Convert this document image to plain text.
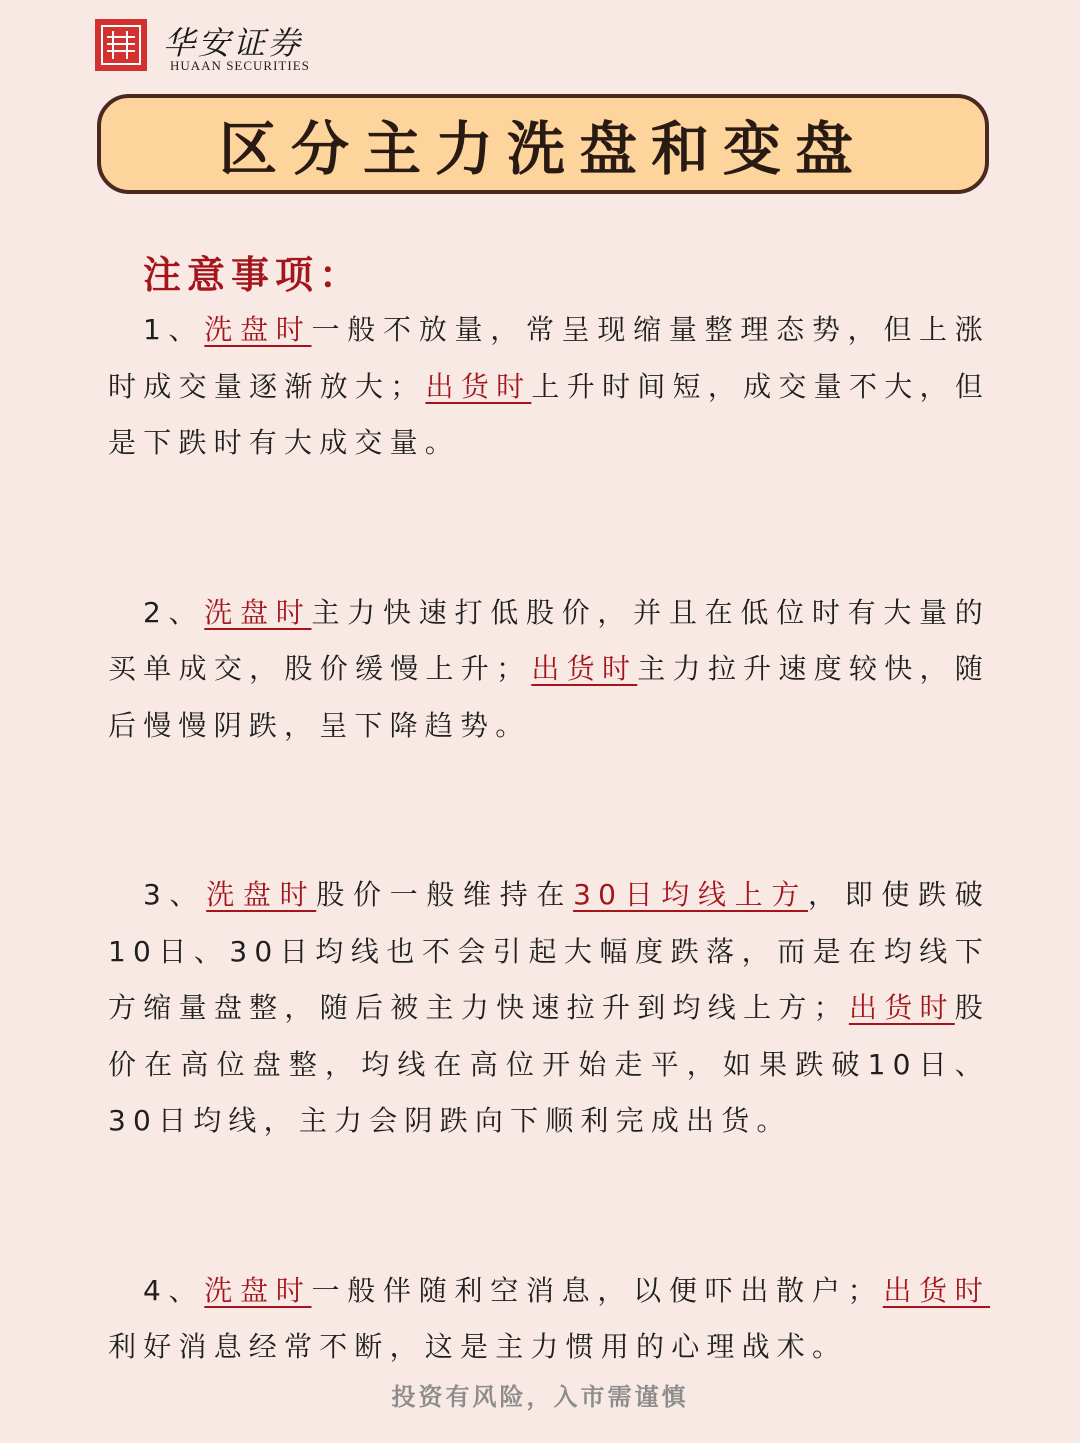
华安证券
HUAAN SECURITIES
区分主力洗盘和变盘
注意事项：

1、洗盘时一般不放量，常呈现缩量整理态势，但上涨时成交量逐渐放大；出货时上升时间短，成交量不大，但是下跌时有大成交量。

2、洗盘时主力快速打低股价，并且在低位时有大量的买单成交，股价缓慢上升；出货时主力拉升速度较快，随后慢慢阴跌，呈下降趋势。

3、洗盘时股价一般维持在30日均线上方，即使跌破10日、30日均线也不会引起大幅度跌落，而是在均线下方缩量盘整，随后被主力快速拉升到均线上方；出货时股价在高位盘整，均线在高位开始走平，如果跌破10日、30日均线，主力会阴跌向下顺利完成出货。

4、洗盘时一般伴随利空消息，以便吓出散户；出货时利好消息经常不断，这是主力惯用的心理战术。

投资有风险，入市需谨慎
